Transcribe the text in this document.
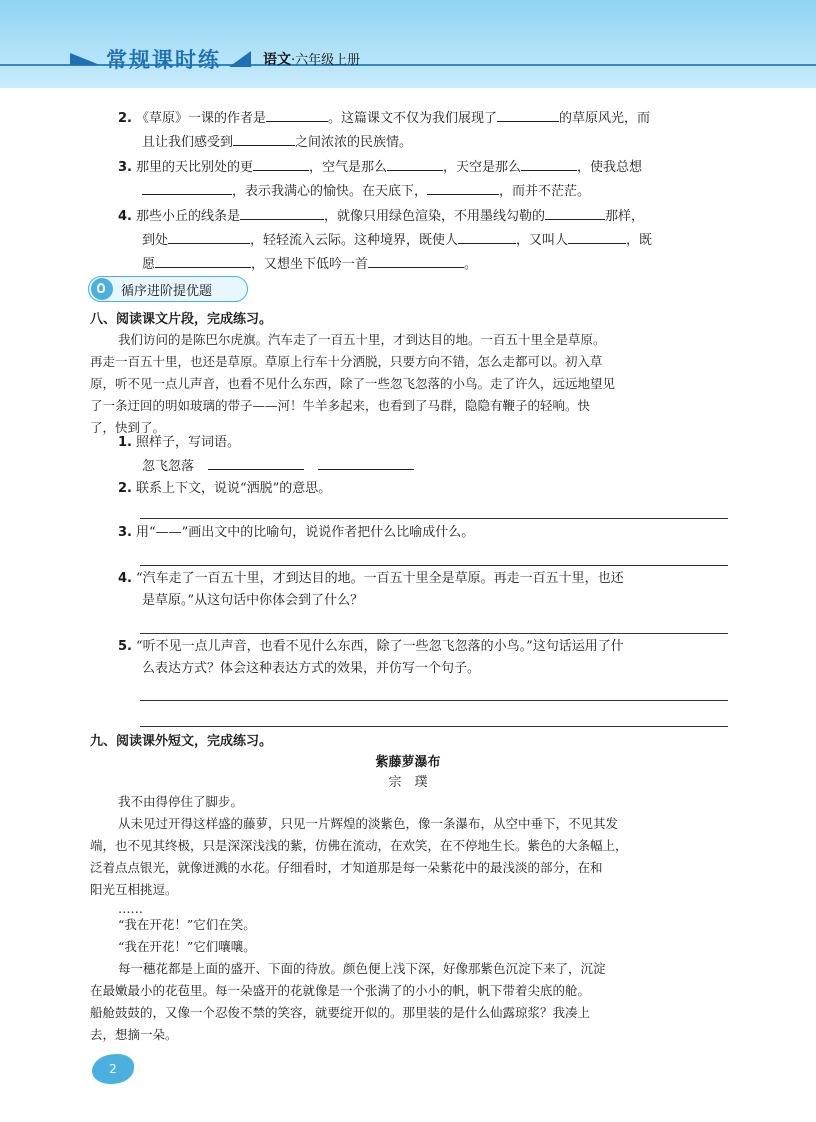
常规课时练	语文·六年级上册
2. 《草原》一课的作者是	。这篇课文不仅为我们展现了	的草原风光，而
且让我们感受到	之间浓浓的民族情。
3. 那里的天比别处的更	，空气是那么	，天空是那么	，使我总想
，表示我满心的愉快。在天底下，	，而并不茫茫。
4. 那些小丘的线条是	，就像只用绿色渲染，不用墨线勾勒的	那样，
到处	，轻轻流入云际。这种境界，既使人	，又叫人	，既
愿	，又想坐下低吟一首	。
循序进阶提优题
八、阅读课文片段，完成练习。
我们访问的是陈巴尔虎旗。汽车走了一百五十里，才到达目的地。一百五十里全是草原。
再走一百五十里，也还是草原。草原上行车十分洒脱，只要方向不错，怎么走都可以。初入草
原，听不见一点儿声音，也看不见什么东西，除了一些忽飞忽落的小鸟。走了许久，远远地望见
了一条迂回的明如玻璃的带子——河！牛羊多起来，也看到了马群，隐隐有鞭子的轻响。快
了，快到了。
1. 照样子，写词语。
忽飞忽落
2. 联系上下文，说说“洒脱”的意思。
3. 用“——”画出文中的比喻句，说说作者把什么比喻成什么。
4. “汽车走了一百五十里，才到达目的地。一百五十里全是草原。再走一百五十里，也还
是草原。”从这句话中你体会到了什么？
5. “听不见一点儿声音，也看不见什么东西，除了一些忽飞忽落的小鸟。”这句话运用了什
么表达方式？体会这种表达方式的效果，并仿写一个句子。
九、阅读课外短文，完成练习。
紫藤萝瀑布
宗　璞
我不由得停住了脚步。
从未见过开得这样盛的藤萝，只见一片辉煌的淡紫色，像一条瀑布，从空中垂下，不见其发
端，也不见其终极，只是深深浅浅的紫，仿佛在流动，在欢笑，在不停地生长。紫色的大条幅上，
泛着点点银光，就像迸溅的水花。仔细看时，才知道那是每一朵紫花中的最浅淡的部分，在和
阳光互相挑逗。
……
“我在开花！”它们在笑。
“我在开花！”它们嚷嚷。
每一穗花都是上面的盛开、下面的待放。颜色便上浅下深，好像那紫色沉淀下来了，沉淀
在最嫩最小的花苞里。每一朵盛开的花就像是一个张满了的小小的帆，帆下带着尖底的舱。
船舱鼓鼓的，又像一个忍俊不禁的笑容，就要绽开似的。那里装的是什么仙露琼浆？我凑上
去，想摘一朵。
2
